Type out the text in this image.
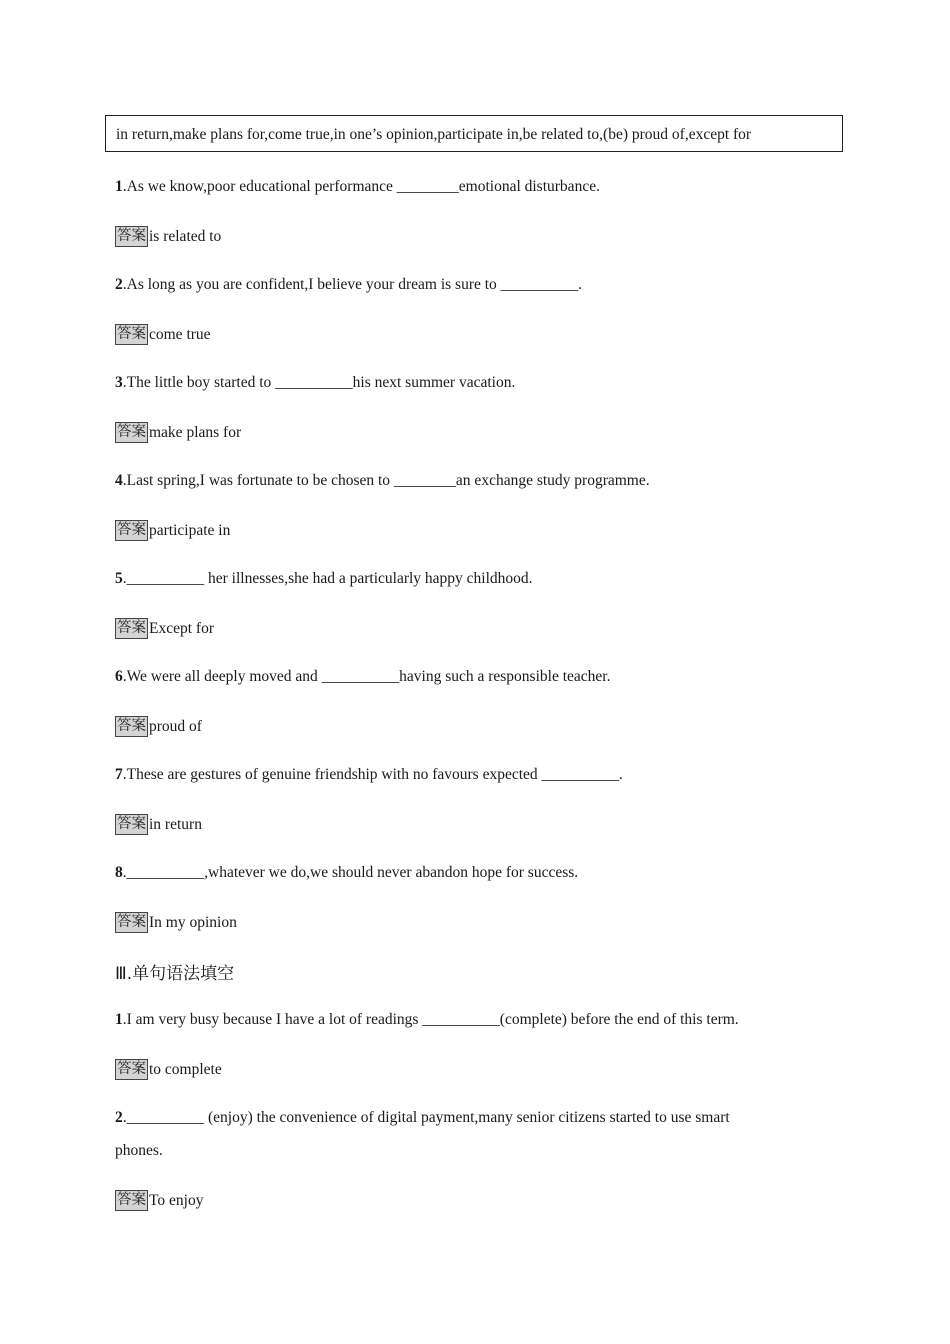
in return,make plans for,come true,in one’s opinion,participate in,be related to,(be) proud of,except for
1.As we know,poor educational performance ________emotional disturbance.
答案 is related to
2.As long as you are confident,I believe your dream is sure to __________.
答案 come true
3.The little boy started to __________his next summer vacation.
答案 make plans for
4.Last spring,I was fortunate to be chosen to ________an exchange study programme.
答案 participate in
5.__________ her illnesses,she had a particularly happy childhood.
答案 Except for
6.We were all deeply moved and __________having such a responsible teacher.
答案 proud of
7.These are gestures of genuine friendship with no favours expected __________.
答案 in return
8.__________,whatever we do,we should never abandon hope for success.
答案 In my opinion
Ⅲ.单句语法填空
1.I am very busy because I have a lot of readings __________(complete) before the end of this term.
答案 to complete
2.__________ (enjoy) the convenience of digital payment,many senior citizens started to use smart
phones.
答案 To enjoy
